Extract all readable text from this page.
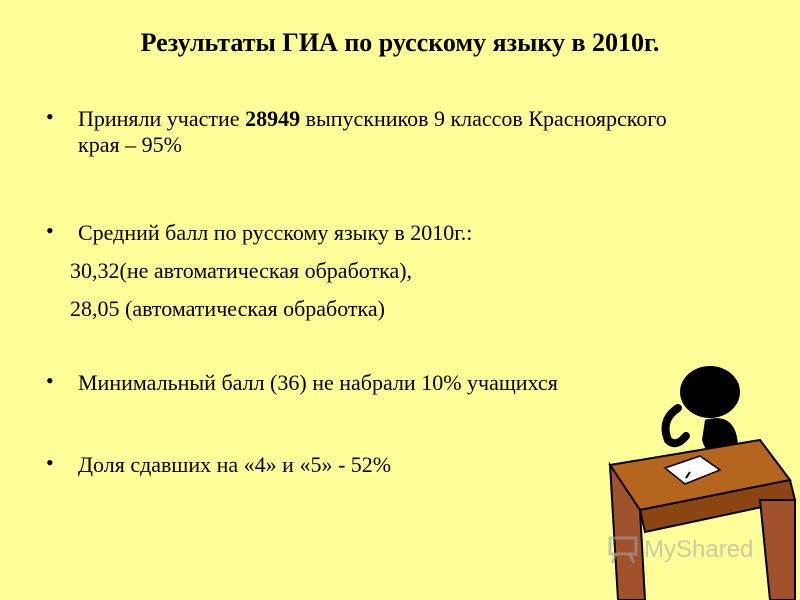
Результаты ГИА по русскому языку в 2010г.
• Приняли участие 28949 выпускников 9 классов Красноярского края – 95%
• Средний балл по русскому языку в 2010г.:
30,32(не автоматическая обработка),
28,05 (автоматическая обработка)
• Минимальный балл (36) не набрали 10% учащихся
• Доля сдавших на «4» и «5» - 52%
MyShared
